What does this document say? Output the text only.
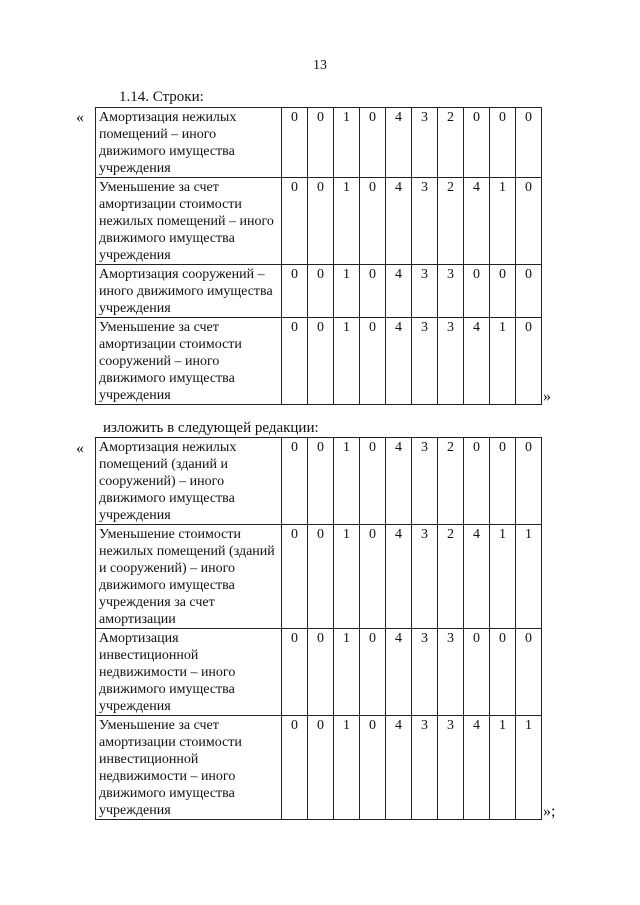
13
1.14. Строки:
« Амортизация нежилых помещений – иного движимого имущества учреждения	0	0	1	0	4	3	2	0	0	0
Уменьшение за счет амортизации стоимости нежилых помещений – иного движимого имущества учреждения	0	0	1	0	4	3	2	4	1	0
Амортизация сооружений – иного движимого имущества учреждения	0	0	1	0	4	3	3	0	0	0
Уменьшение за счет амортизации стоимости сооружений – иного движимого имущества учреждения	0	0	1	0	4	3	3	4	1	0
»
изложить в следующей редакции:
« Амортизация нежилых помещений (зданий и сооружений) – иного движимого имущества учреждения	0	0	1	0	4	3	2	0	0	0
Уменьшение стоимости нежилых помещений (зданий и сооружений) – иного движимого имущества учреждения за счет амортизации	0	0	1	0	4	3	2	4	1	1
Амортизация инвестиционной недвижимости – иного движимого имущества учреждения	0	0	1	0	4	3	3	0	0	0
Уменьшение за счет амортизации стоимости инвестиционной недвижимости – иного движимого имущества учреждения	0	0	1	0	4	3	3	4	1	1
»;
